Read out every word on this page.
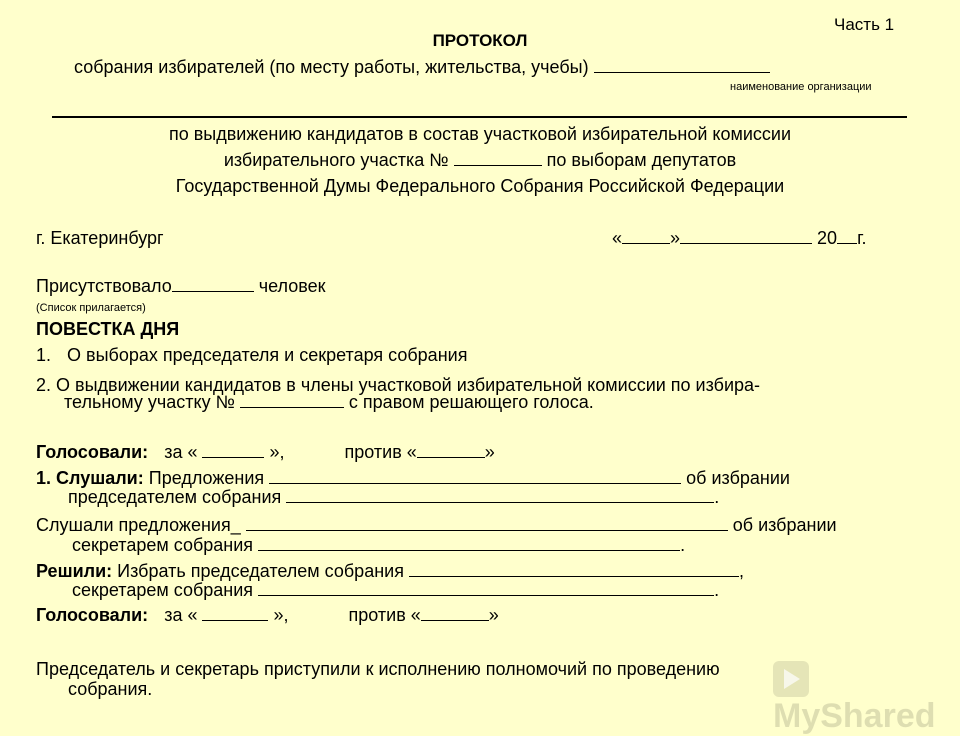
Часть 1
ПРОТОКОЛ
собрания избирателей (по месту работы, жительства, учебы)
наименование организации
по выдвижению кандидатов в состав участковой избирательной комиссии
избирательного участка №	по выборам депутатов
Государственной Думы Федерального Собрания Российской Федерации
г. Екатеринбург	«	»	20 г.
Присутствовало	человек
(Список прилагается)
ПОВЕСТКА ДНЯ
1. О выборах председателя и секретаря собрания
2. О выдвижении кандидатов в члены участковой избирательной комиссии по избира-
тельному участку №	с правом решающего голоса.
Голосовали: за «	»,	против «	»
1. Слушали: Предложения	об избрании
председателем собрания	.
Слушали предложения_	об избрании
секретарем собрания	.
Решили: Избрать председателем собрания	,
секретарем собрания	.
Голосовали: за «	»,	против «	»
Председатель и секретарь приступили к исполнению полномочий по проведению
собрания.
MyShared
